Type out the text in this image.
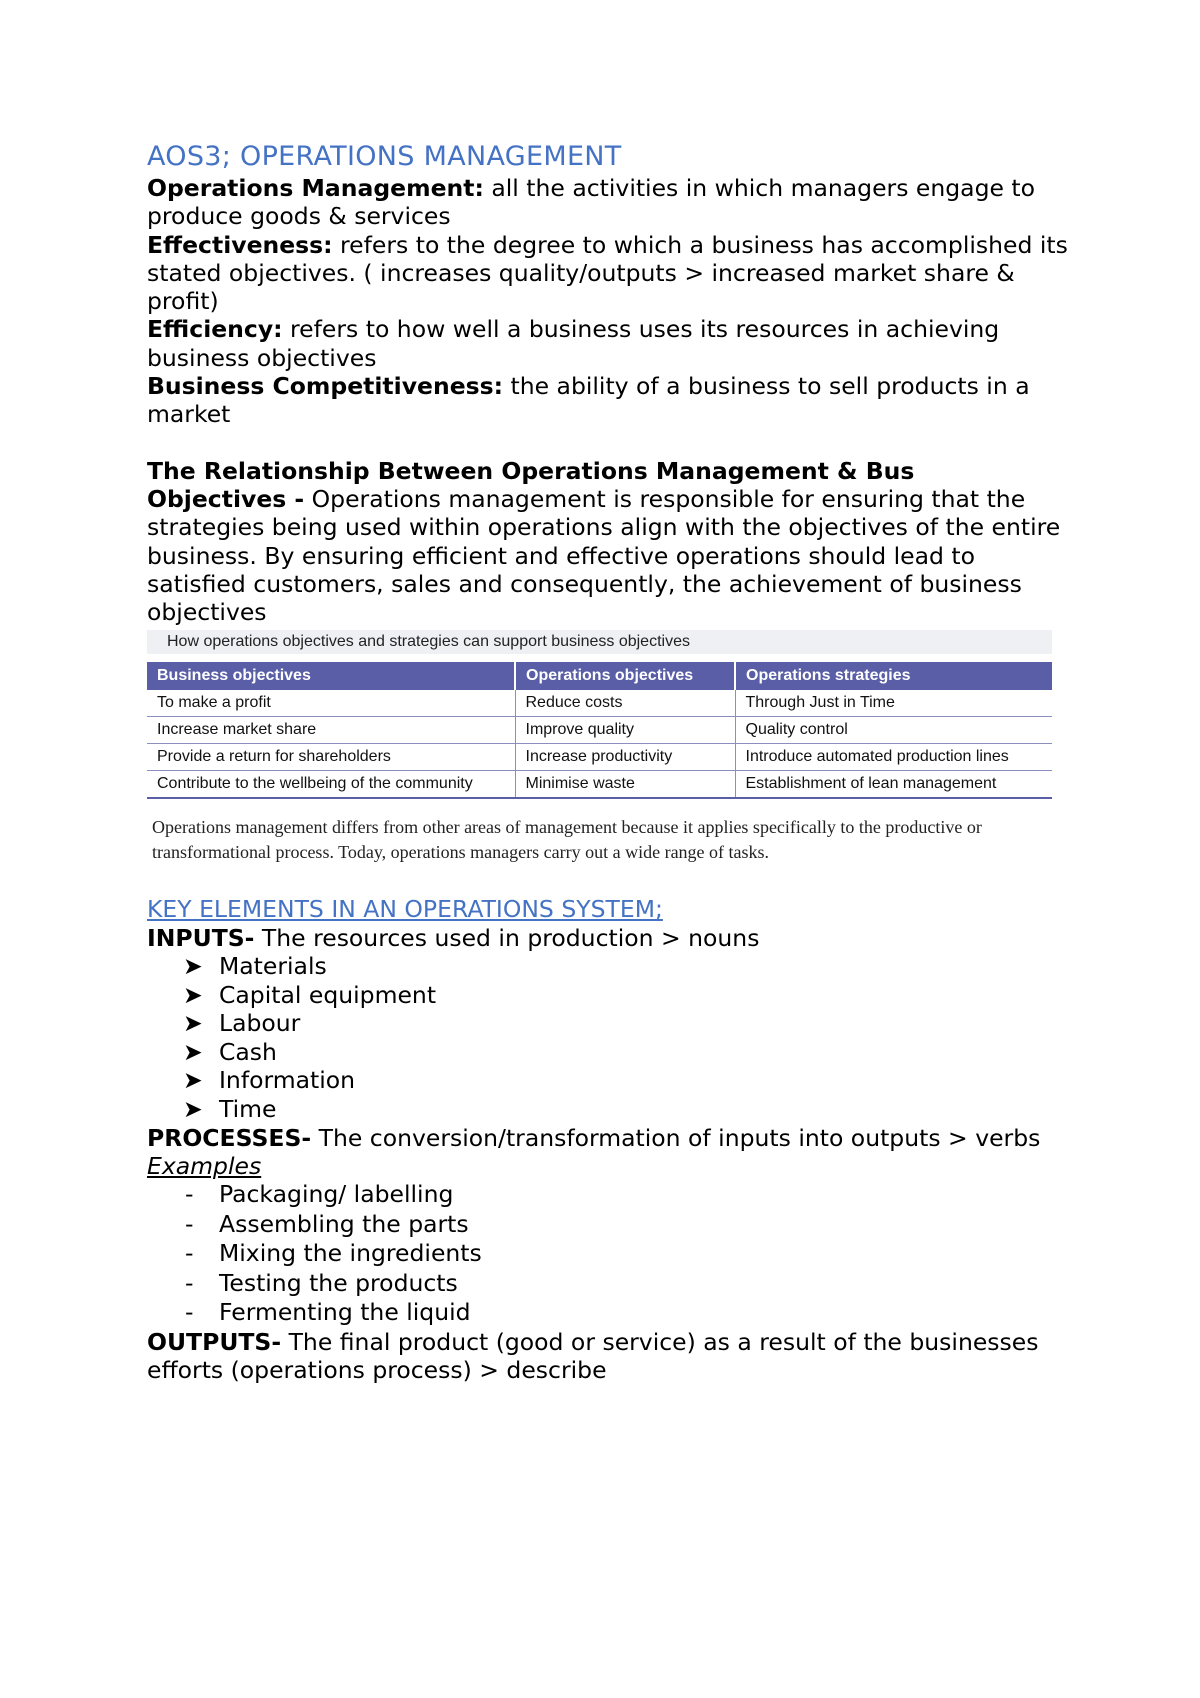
AOS3; OPERATIONS MANAGEMENT

Operations Management: all the activities in which managers engage to produce goods & services

Effectiveness: refers to the degree to which a business has accomplished its stated objectives. ( increases quality/outputs > increased market share & profit)

Efficiency: refers to how well a business uses its resources in achieving business objectives

Business Competitiveness: the ability of a business to sell products in a market

The Relationship Between Operations Management & Bus

Objectives - Operations management is responsible for ensuring that the strategies being used within operations align with the objectives of the entire business. By ensuring efficient and effective operations should lead to satisfied customers, sales and consequently, the achievement of business objectives

How operations objectives and strategies can support business objectives
Business objectives	Operations objectives	Operations strategies
To make a profit	Reduce costs	Through Just in Time
Increase market share	Improve quality	Quality control
Provide a return for shareholders	Increase productivity	Introduce automated production lines
Contribute to the wellbeing of the community	Minimise waste	Establishment of lean management
Operations management differs from other areas of management because it applies specifically to the productive or transformational process. Today, operations managers carry out a wide range of tasks.

KEY ELEMENTS IN AN OPERATIONS SYSTEM;

INPUTS- The resources used in production > nouns

➤ Materials
➤ Capital equipment
➤ Labour
➤ Cash
➤ Information
➤ Time

PROCESSES- The conversion/transformation of inputs into outputs > verbs

Examples
- Packaging/ labelling
- Assembling the parts
- Mixing the ingredients
- Testing the products
- Fermenting the liquid

OUTPUTS- The final product (good or service) as a result of the businesses efforts (operations process) > describe
